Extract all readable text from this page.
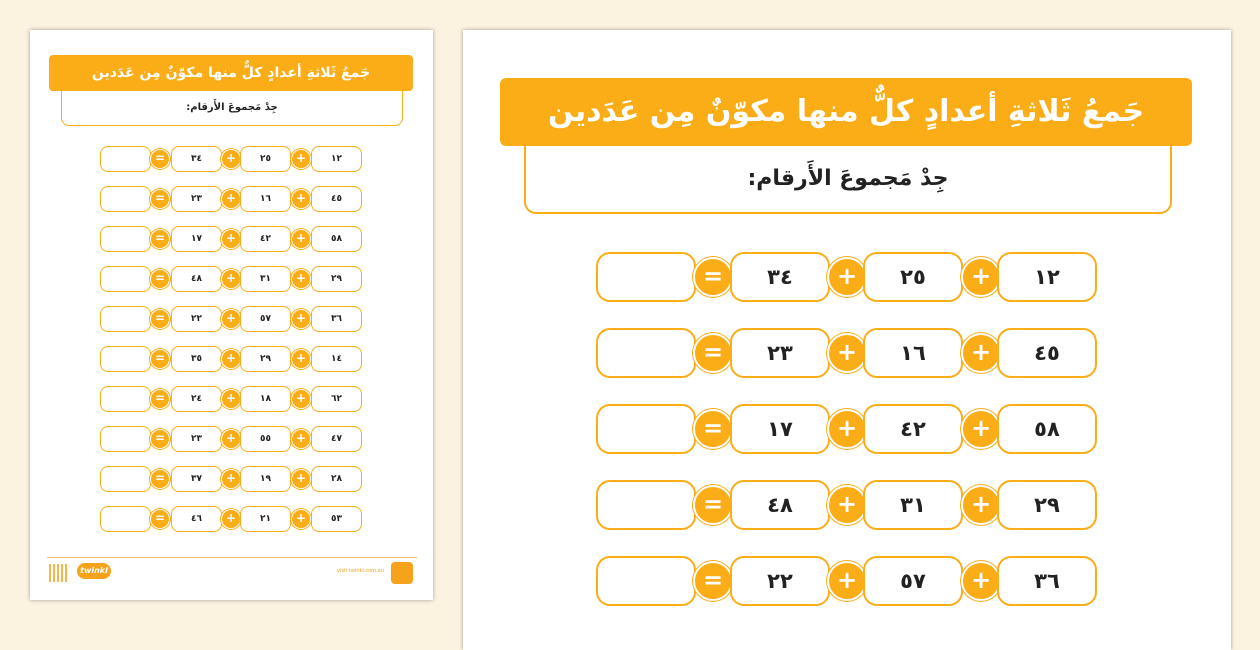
جَمعُ ثَلاثةِ أعدادٍ كلٌّ منها مكوّنٌ مِن عَدَدين
جِدْ مَجموعَ الأَرقام:
=	٣٤	+	٢٥	+	١٢
=	٢٣	+	١٦	+	٤٥
=	١٧	+	٤٢	+	٥٨
=	٤٨	+	٣١	+	٢٩
=	٢٢	+	٥٧	+	٣٦
=	٣٥	+	٢٩	+	١٤
=	٢٤	+	١٨	+	٦٢
=	٢٣	+	٥٥	+	٤٧
=	٣٧	+	١٩	+	٢٨
=	٤٦	+	٢١	+	٥٣
twinkl	visit twinkl.com.au
جَمعُ ثَلاثةِ أعدادٍ كلٌّ منها مكوّنٌ مِن عَدَدين
جِدْ مَجموعَ الأَرقام:
=	٣٤	+	٢٥	+	١٢
=	٢٣	+	١٦	+	٤٥
=	١٧	+	٤٢	+	٥٨
=	٤٨	+	٣١	+	٢٩
=	٢٢	+	٥٧	+	٣٦
